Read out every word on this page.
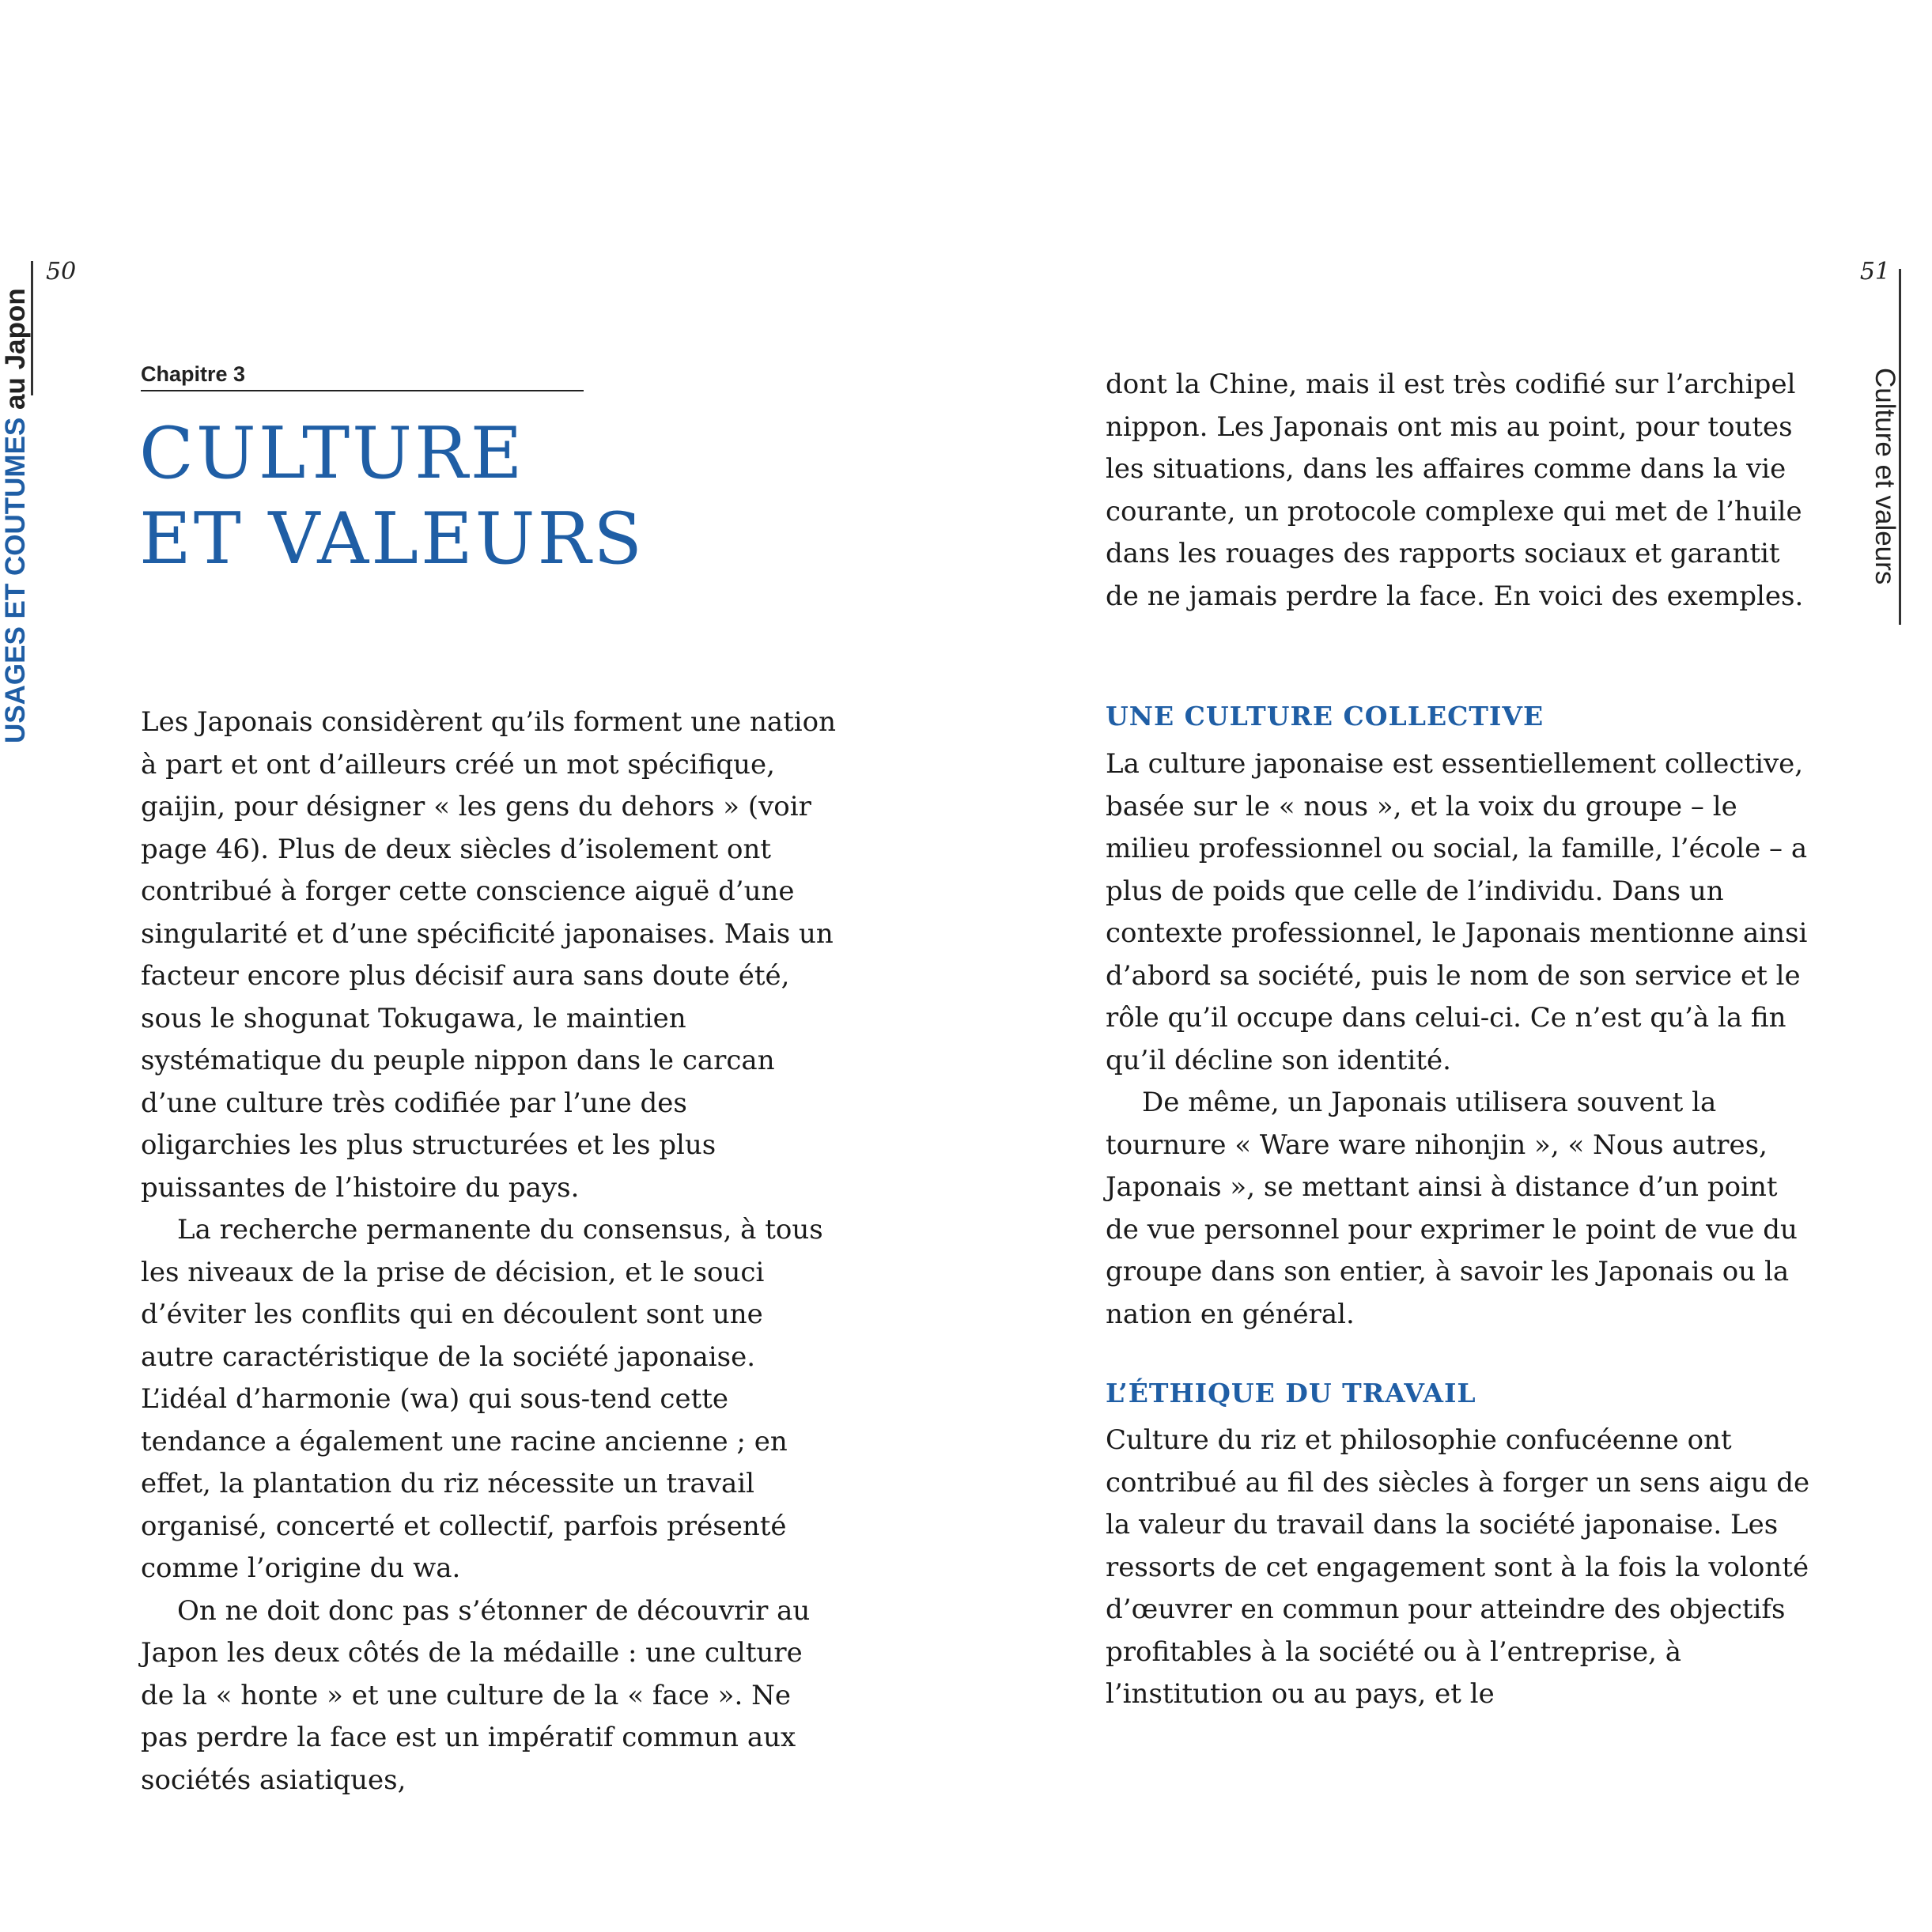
50
USAGES ET COUTUMES au Japon	Chapitre 3
CULTURE
ET VALEURS

Les Japonais considèrent qu’ils forment une nation à part et ont d’ailleurs créé un mot spécifique, gaijin, pour désigner « les gens du dehors » (voir page 46). Plus de deux siècles d’isolement ont contribué à forger cette conscience aiguë d’une singularité et d’une spécificité japonaises. Mais un facteur encore plus décisif aura sans doute été, sous le shogunat Tokugawa, le maintien systématique du peuple nippon dans le carcan d’une culture très codifiée par l’une des oligarchies les plus structurées et les plus puissantes de l’histoire du pays.

La recherche permanente du consensus, à tous les niveaux de la prise de décision, et le souci d’éviter les conflits qui en découlent sont une autre caractéristique de la société japonaise. L’idéal d’harmonie (wa) qui sous-tend cette tendance a également une racine ancienne ; en effet, la plantation du riz nécessite un travail organisé, concerté et collectif, parfois présenté comme l’origine du wa.

On ne doit donc pas s’étonner de découvrir au Japon les deux côtés de la médaille : une culture de la « honte » et une culture de la « face ». Ne pas perdre la face est un impératif commun aux sociétés asiatiques,

51
Culture et valeurs

dont la Chine, mais il est très codifié sur l’archipel nippon. Les Japonais ont mis au point, pour toutes les situations, dans les affaires comme dans la vie courante, un protocole complexe qui met de l’huile dans les rouages des rapports sociaux et garantit de ne jamais perdre la face. En voici des exemples.

UNE CULTURE COLLECTIVE

La culture japonaise est essentiellement collective, basée sur le « nous », et la voix du groupe – le milieu professionnel ou social, la famille, l’école – a plus de poids que celle de l’individu. Dans un contexte professionnel, le Japonais mentionne ainsi d’abord sa société, puis le nom de son service et le rôle qu’il occupe dans celui-ci. Ce n’est qu’à la fin qu’il décline son identité.

De même, un Japonais utilisera souvent la tournure « Ware ware nihonjin », « Nous autres, Japonais », se mettant ainsi à distance d’un point de vue personnel pour exprimer le point de vue du groupe dans son entier, à savoir les Japonais ou la nation en général.

L’ÉTHIQUE DU TRAVAIL

Culture du riz et philosophie confucéenne ont contribué au fil des siècles à forger un sens aigu de la valeur du travail dans la société japonaise. Les ressorts de cet engagement sont à la fois la volonté d’œuvrer en commun pour atteindre des objectifs profitables à la société ou à l’entreprise, à l’institution ou au pays, et le
